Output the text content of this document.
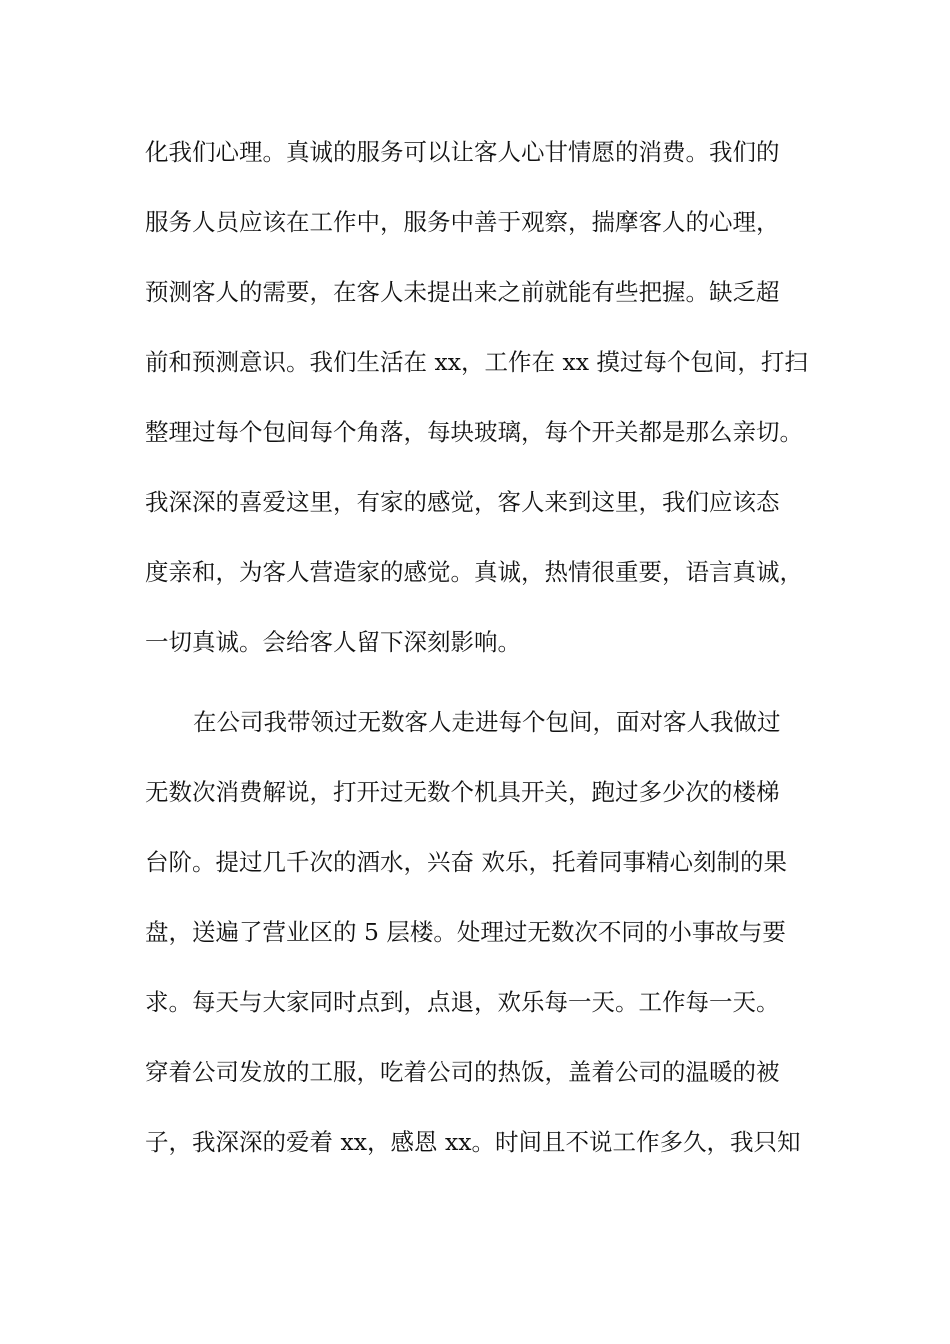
化我们心理。真诚的服务可以让客人心甘情愿的消费。我们的
服务人员应该在工作中，服务中善于观察，揣摩客人的心理，
预测客人的需要，在客人未提出来之前就能有些把握。缺乏超
前和预测意识。我们生活在 xx，工作在 xx 摸过每个包间，打扫
整理过每个包间每个角落，每块玻璃，每个开关都是那么亲切。
我深深的喜爱这里，有家的感觉，客人来到这里，我们应该态
度亲和，为客人营造家的感觉。真诚，热情很重要，语言真诚，
一切真诚。会给客人留下深刻影响。
在公司我带领过无数客人走进每个包间，面对客人我做过
无数次消费解说，打开过无数个机具开关，跑过多少次的楼梯
台阶。提过几千次的酒水，兴奋 欢乐，托着同事精心刻制的果
盘，送遍了营业区的 5 层楼。处理过无数次不同的小事故与要
求。每天与大家同时点到，点退，欢乐每一天。工作每一天。
穿着公司发放的工服，吃着公司的热饭，盖着公司的温暖的被
子，我深深的爱着 xx，感恩 xx。时间且不说工作多久，我只知
